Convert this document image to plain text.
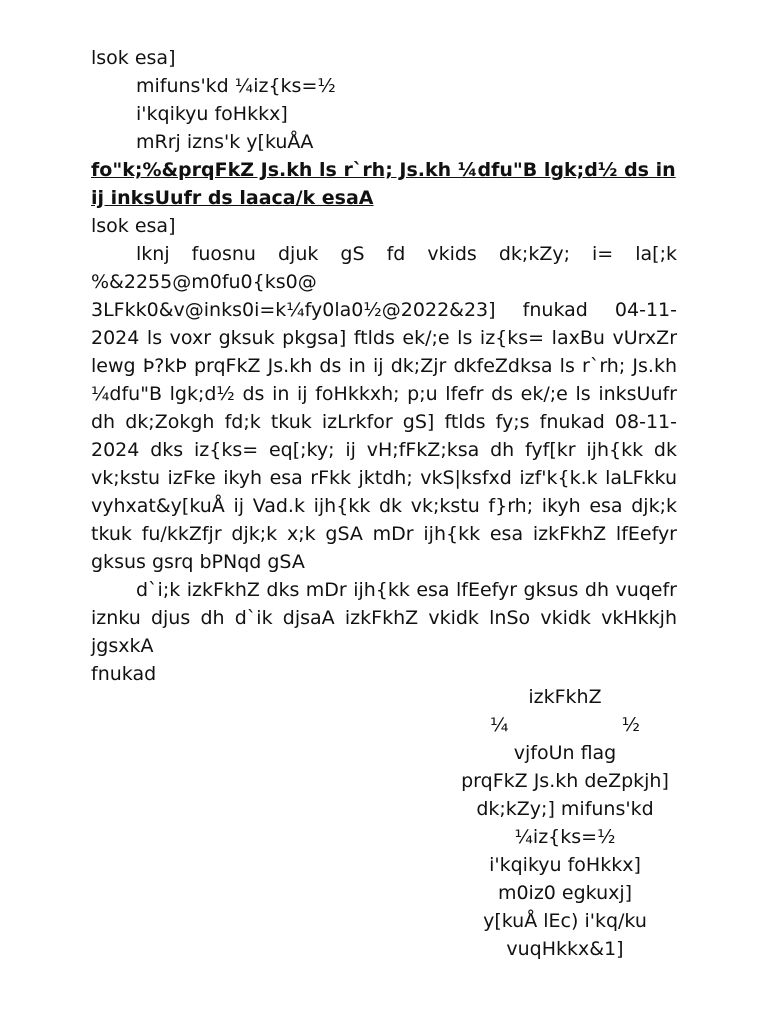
lsok esa]
mifuns'kd ¼iz{ks=½
i'kqikyu foHkkx]
mRrj izns'k y[kuÅA
fo"k;%&prqFkZ Js.kh ls r`rh; Js.kh ¼dfu"B lgk;d½ ds in ij inksUufr ds laaca/k esaA
lsok esa]
lknj fuosnu djuk gS fd vkids dk;kZy; i= la[;k %&2255@m0fu0{ks0@ 3LFkk0&v@inks0i=k¼fy0la0½@2022&23] fnukad 04-11-2024 ls voxr gksuk pkgsa] ftlds ek/;e ls iz{ks= laxBu vUrxZr lewg Þ?kÞ prqFkZ Js.kh ds in ij dk;Zjr dkfeZdksa ls r`rh; Js.kh ¼dfu"B lgk;d½ ds in ij foHkkxh; p;u lfefr ds ek/;e ls inksUufr dh dk;Zokgh fd;k tkuk izLrkfor gS] ftlds fy;s fnukad 08-11-2024 dks iz{ks= eq[;ky; ij vH;fFkZ;ksa dh fyf[kr ijh{kk dk vk;kstu izFke ikyh esa rFkk jktdh; vkS|ksfxd izf'k{k.k laLFkku vyhxat&y[kuÅ ij Vad.k ijh{kk dk vk;kstu f}rh; ikyh esa djk;k tkuk fu/kkZfjr djk;k x;k gSA mDr ijh{kk esa izkFkhZ lfEefyr gksus gsrq bPNqd gSA
d`i;k izkFkhZ dks mDr ijh{kk esa lfEefyr gksus dh vuqefr iznku djus dh d`ik djsaA izkFkhZ vkidk lnSo vkidk vkHkkjh jgsxkA
fnukad
izkFkhZ
¼	½
vjfoUn flag
prqFkZ Js.kh deZpkjh]
dk;kZy;] mifuns'kd
¼iz{ks=½
i'kqikyu foHkkx]
m0iz0 egkuxj]
y[kuÅ lEc) i'kq/ku
vuqHkkx&1]
